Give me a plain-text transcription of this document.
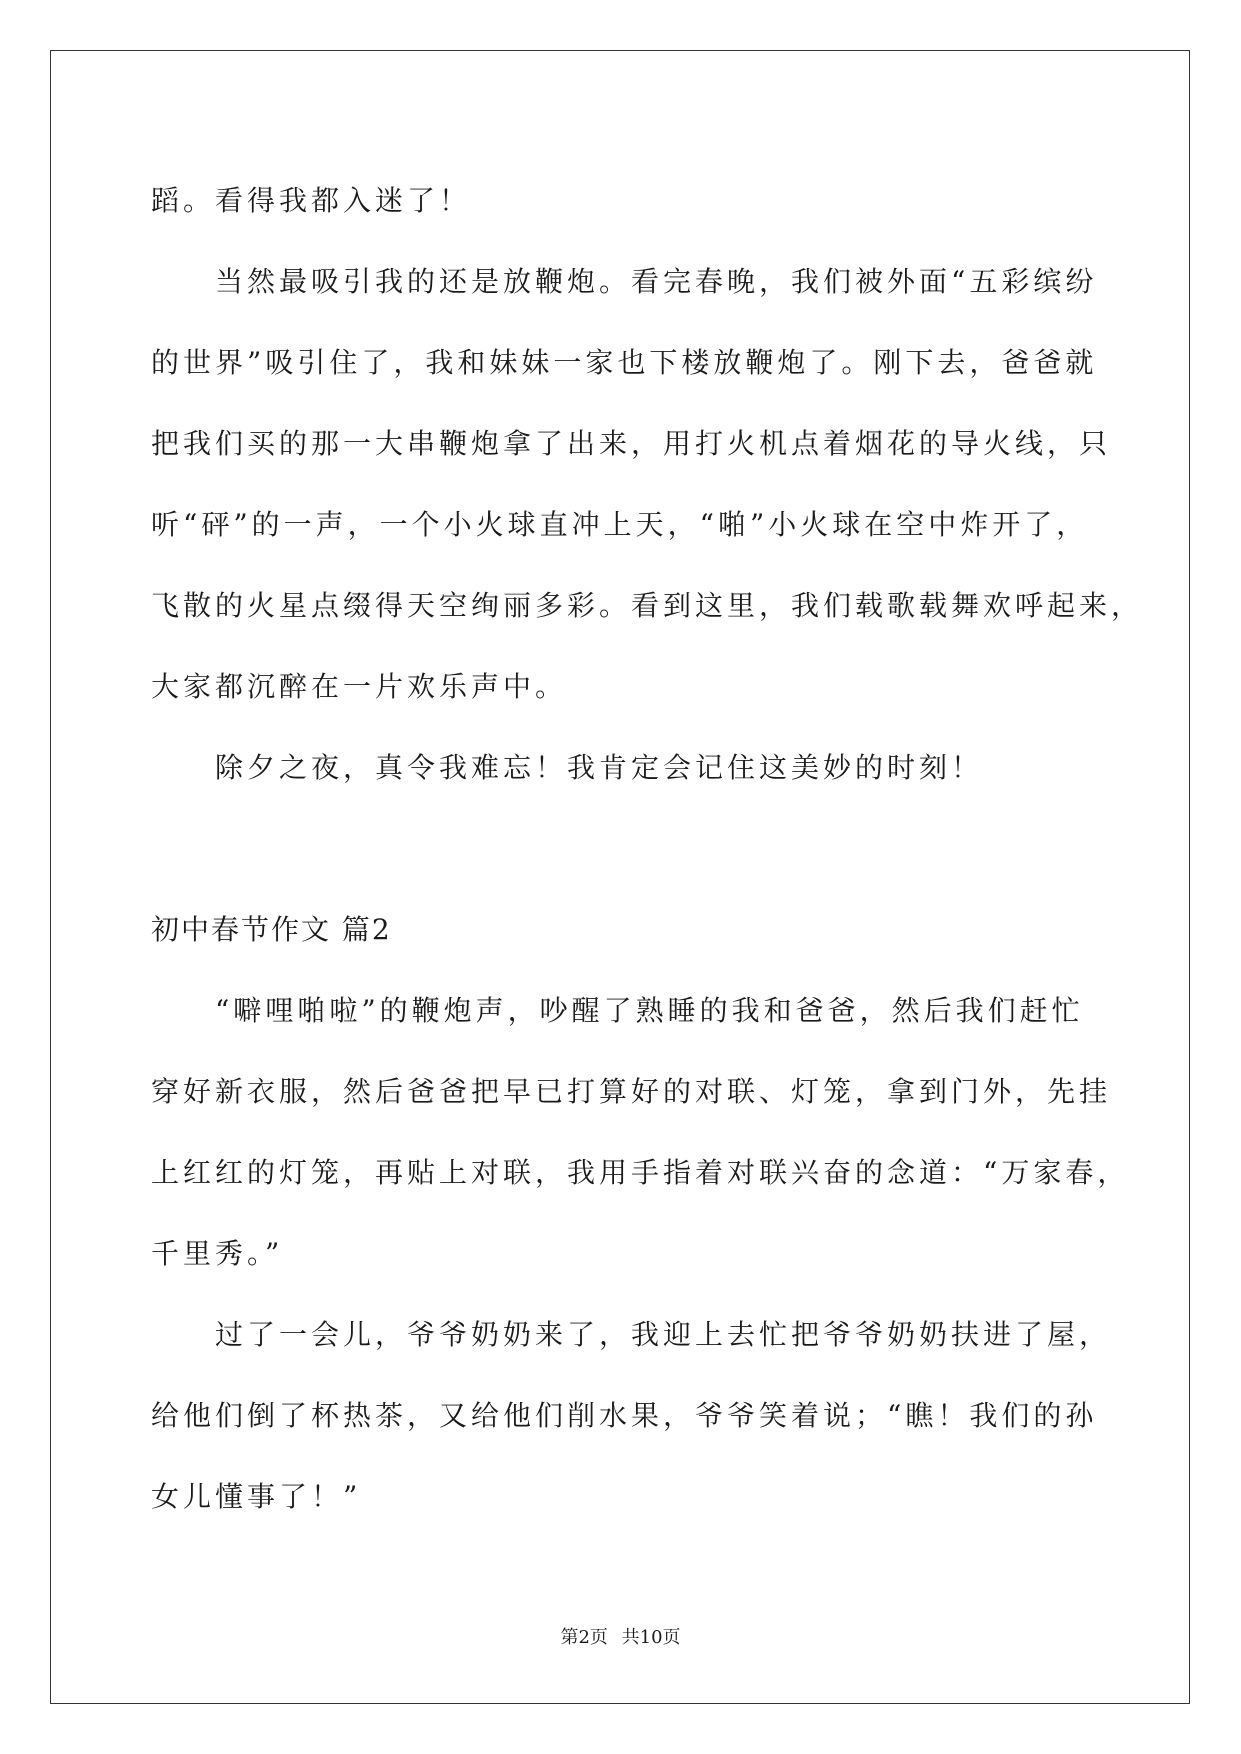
蹈。看得我都入迷了！
当然最吸引我的还是放鞭炮。看完春晚，我们被外面“五彩缤纷
的世界”吸引住了，我和妹妹一家也下楼放鞭炮了。刚下去，爸爸就
把我们买的那一大串鞭炮拿了出来，用打火机点着烟花的导火线，只
听“砰”的一声，一个小火球直冲上天，“啪”小火球在空中炸开了，
飞散的火星点缀得天空绚丽多彩。看到这里，我们载歌载舞欢呼起来，
大家都沉醉在一片欢乐声中。
除夕之夜，真令我难忘！我肯定会记住这美妙的时刻！
初中春节作文 篇2
“噼哩啪啦”的鞭炮声，吵醒了熟睡的我和爸爸，然后我们赶忙
穿好新衣服，然后爸爸把早已打算好的对联、灯笼，拿到门外，先挂
上红红的灯笼，再贴上对联，我用手指着对联兴奋的念道：“万家春，
千里秀。”
过了一会儿，爷爷奶奶来了，我迎上去忙把爷爷奶奶扶进了屋，
给他们倒了杯热茶，又给他们削水果，爷爷笑着说；“瞧！我们的孙
女儿懂事了！”
第2页 共10页
